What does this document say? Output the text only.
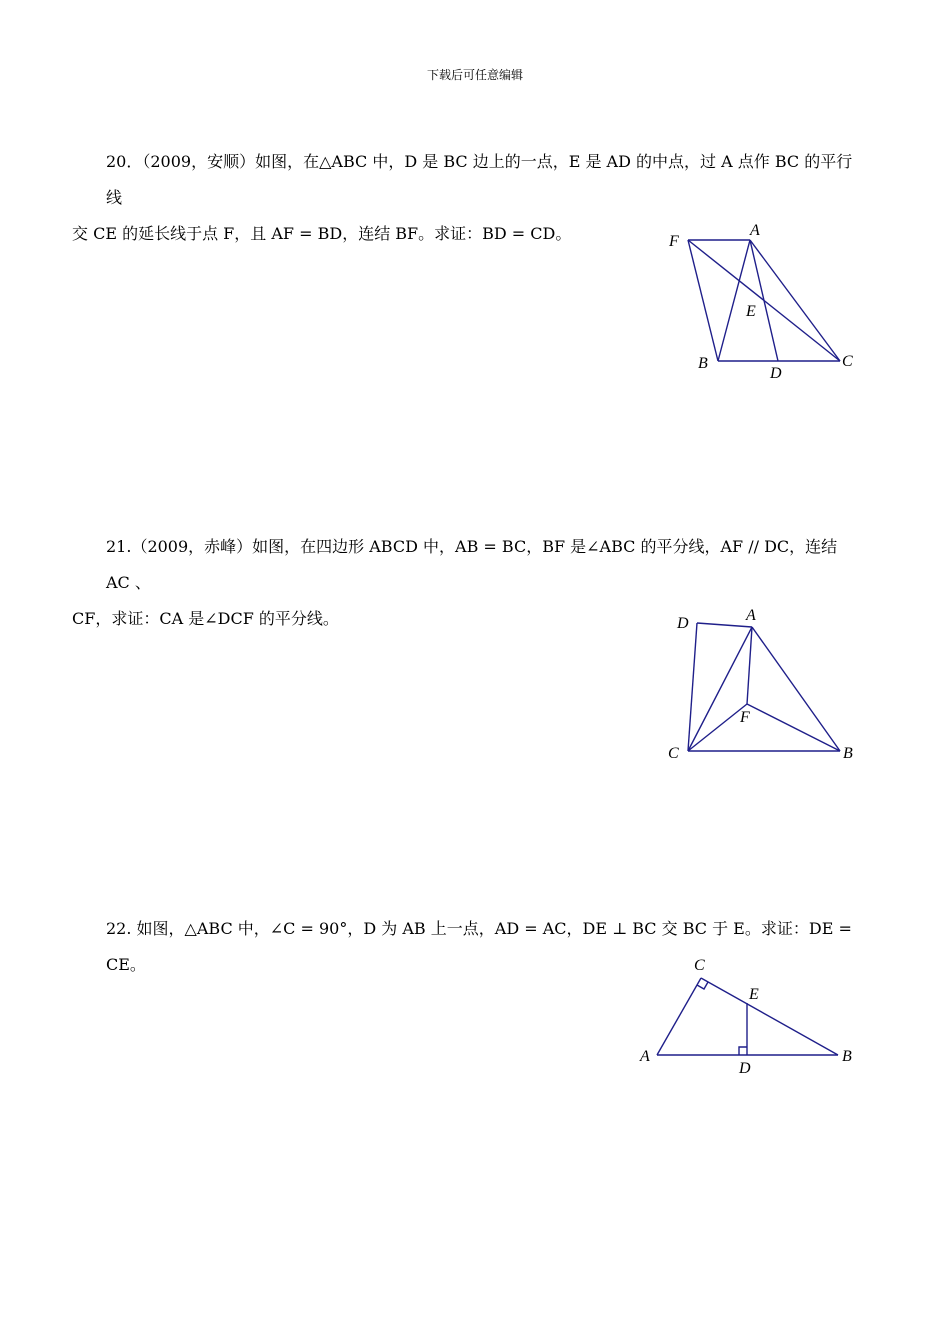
下载后可任意编辑
20．（2009，安顺）如图，在△ABC 中，D 是 BC 边上的一点，E 是 AD 的中点，过 A 点作 BC 的平行线
交 CE 的延长线于点 F，且 AF = BD，连结 BF。求证：BD = CD。	F
A
E
B
D
C
21.（2009，赤峰）如图，在四边形 ABCD 中，AB = BC，BF 是∠ABC 的平分线，AF // DC，连结 AC 、
CF，求证：CA 是∠DCF 的平分线。	D	A
F
C	B
22. 如图，△ABC 中，∠C = 90°，D 为 AB 上一点，AD = AC，DE ⊥ BC 交 BC 于 E。求证：DE = CE。	C
E
A
D
B
